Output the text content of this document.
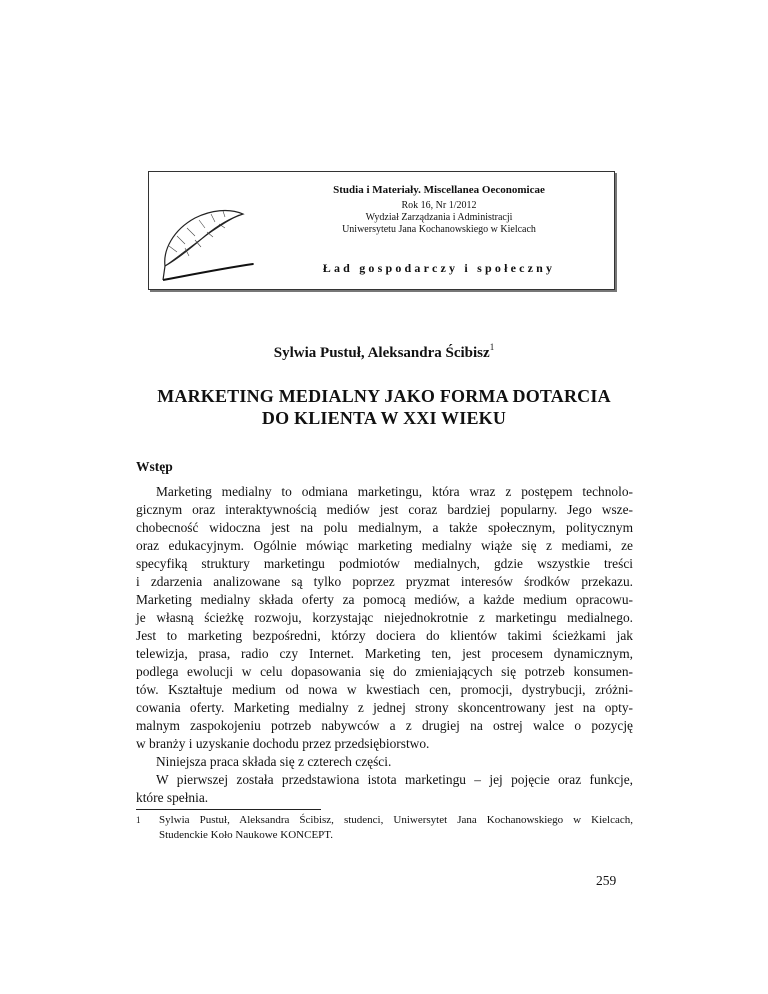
Studia i Materiały. Miscellanea Oeconomicae
Rok 16, Nr 1/2012
Wydział Zarządzania i Administracji
Uniwersytetu Jana Kochanowskiego w Kielcach
Ład gospodarczy i społeczny
Sylwia Pustuł, Aleksandra Ścibisz$^1$
MARKETING MEDIALNY JAKO FORMA DOTARCIA
DO KLIENTA W XXI WIEKU
Wstęp
Marketing medialny to odmiana marketingu, która wraz z postępem technolo-
gicznym oraz interaktywnością mediów jest coraz bardziej popularny. Jego wsze-
chobecność widoczna jest na polu medialnym, a także społecznym, politycznym
oraz edukacyjnym. Ogólnie mówiąc marketing medialny wiąże się z mediami, ze
specyfiką struktury marketingu podmiotów medialnych, gdzie wszystkie treści
i zdarzenia analizowane są tylko poprzez pryzmat interesów środków przekazu.
Marketing medialny składa oferty za pomocą mediów, a każde medium opracowu-
je własną ścieżkę rozwoju, korzystając niejednokrotnie z marketingu medialnego.
Jest to marketing bezpośredni, którzy dociera do klientów takimi ścieżkami jak
telewizja, prasa, radio czy Internet. Marketing ten, jest procesem dynamicznym,
podlega ewolucji w celu dopasowania się do zmieniających się potrzeb konsumen-
tów. Kształtuje medium od nowa w kwestiach cen, promocji, dystrybucji, zróżni-
cowania oferty. Marketing medialny z jednej strony skoncentrowany jest na opty-
malnym zaspokojeniu potrzeb nabywców a z drugiej na ostrej walce o pozycję
w branży i uzyskanie dochodu przez przedsiębiorstwo.
Niniejsza praca składa się z czterech części.
W pierwszej została przedstawiona istota marketingu – jej pojęcie oraz funkcje,
które spełnia.
1 Sylwia Pustuł, Aleksandra Ścibisz, studenci, Uniwersytet Jana Kochanowskiego w Kielcach,
Studenckie Koło Naukowe KONCEPT.
259
